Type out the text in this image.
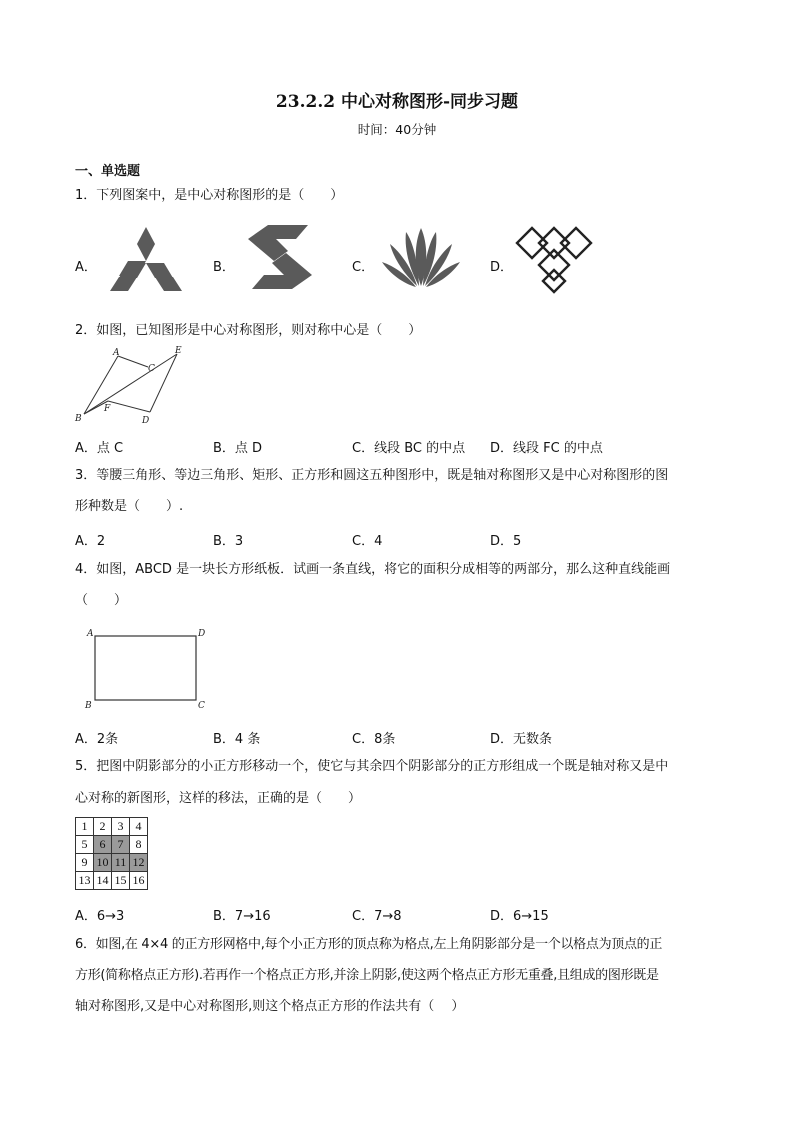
23.2.2 中心对称图形-同步习题
时间：40分钟
一、单选题
1．下列图案中，是中心对称图形的是（　　）
A．	B．	C．	D．
2．如图，已知图形是中心对称图形，则对称中心是（　　）
A	E
C
B
F
D
A．点 C	B．点 D	C．线段 BC 的中点 D．线段 FC 的中点
3．等腰三角形、等边三角形、矩形、正方形和圆这五种图形中，既是轴对称图形又是中心对称图形的图
形种数是（　　）.
A．2	B．3	C．4	D．5
4．如图，ABCD 是一块长方形纸板．试画一条直线，将它的面积分成相等的两部分，那么这种直线能画
（　　）
A	D
B	C
A．2条	B．4 条	C．8条	D．无数条
5．把图中阴影部分的小正方形移动一个，使它与其余四个阴影部分的正方形组成一个既是轴对称又是中
心对称的新图形，这样的移法，正确的是（　　）
1	2	3	4
5	6	7	8
9	10	11	12
13	14	15	16
A．6→3	B．7→16	C．7→8	D．6→15
6．如图,在 4×4 的正方形网格中,每个小正方形的顶点称为格点,左上角阴影部分是一个以格点为顶点的正
方形(简称格点正方形).若再作一个格点正方形,并涂上阴影,使这两个格点正方形无重叠,且组成的图形既是
轴对称图形,又是中心对称图形,则这个格点正方形的作法共有（　 ）
